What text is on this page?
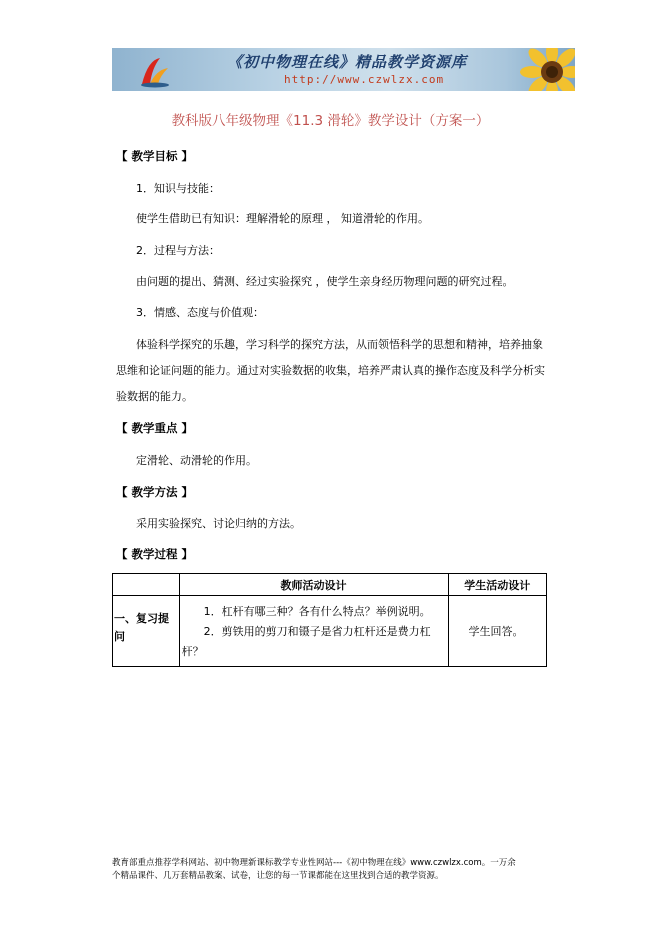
《初中物理在线》精品教学资源库
http://www.czwlzx.com
教科版八年级物理《11.3 滑轮》教学设计（方案一）
【 教学目标 】
1．知识与技能：
使学生借助已有知识：理解滑轮的原理 ， 知道滑轮的作用。
2．过程与方法：
由问题的提出、猜测、经过实验探究 ，使学生亲身经历物理问题的研究过程。
3．情感、态度与价值观：
体验科学探究的乐趣，学习科学的探究方法，从而领悟科学的思想和精神，培养抽象
思维和论证问题的能力。通过对实验数据的收集，培养严肃认真的操作态度及科学分析实
验数据的能力。
【 教学重点 】
定滑轮、动滑轮的作用。
【 教学方法 】
采用实验探究、讨论归纳的方法。
【 教学过程 】
	教师活动设计	学生活动设计

一、复习提问	1．杠杆有哪三种？各有什么特点？举例说明。
2．剪铁用的剪刀和镊子是省力杠杆还是费力杠杆？	学生回答。
教育部重点推荐学科网站、初中物理新课标教学专业性网站---《初中物理在线》www.czwlzx.com。一万余
个精品课件、几万套精品教案、试卷，让您的每一节课都能在这里找到合适的教学资源。
